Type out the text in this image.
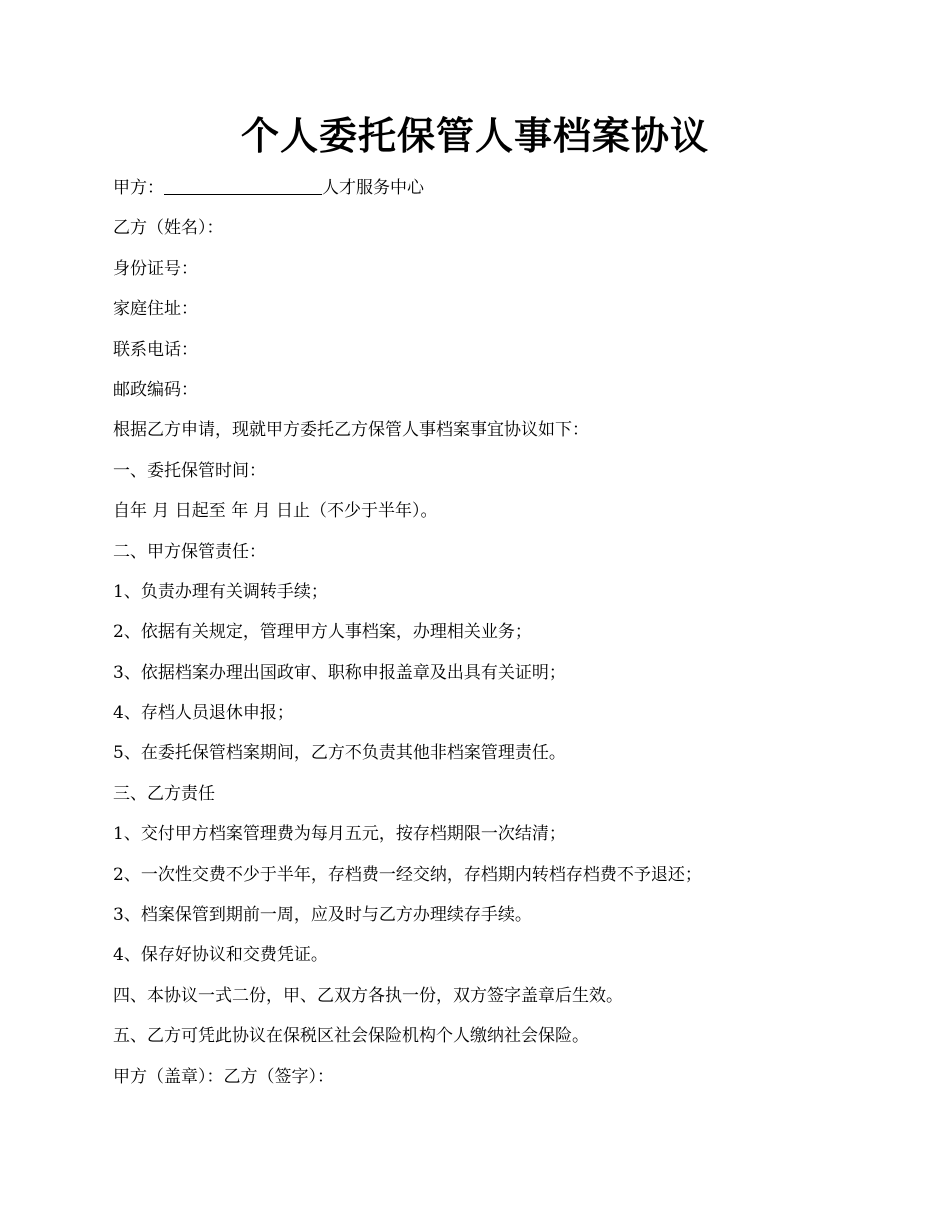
个人委托保管人事档案协议
甲方：	人才服务中心
乙方（姓名）：
身份证号：
家庭住址：
联系电话：
邮政编码：
根据乙方申请，现就甲方委托乙方保管人事档案事宜协议如下：
一、委托保管时间：
自年 月 日起至 年 月 日止（不少于半年）。
二、甲方保管责任：
1、负责办理有关调转手续；
2、依据有关规定，管理甲方人事档案，办理相关业务；
3、依据档案办理出国政审、职称申报盖章及出具有关证明；
4、存档人员退休申报；
5、在委托保管档案期间，乙方不负责其他非档案管理责任。
三、乙方责任
1、交付甲方档案管理费为每月五元，按存档期限一次结清；
2、一次性交费不少于半年，存档费一经交纳，存档期内转档存档费不予退还；
3、档案保管到期前一周，应及时与乙方办理续存手续。
4、保存好协议和交费凭证。
四、本协议一式二份，甲、乙双方各执一份，双方签字盖章后生效。
五、乙方可凭此协议在保税区社会保险机构个人缴纳社会保险。
甲方（盖章）：乙方（签字）：
